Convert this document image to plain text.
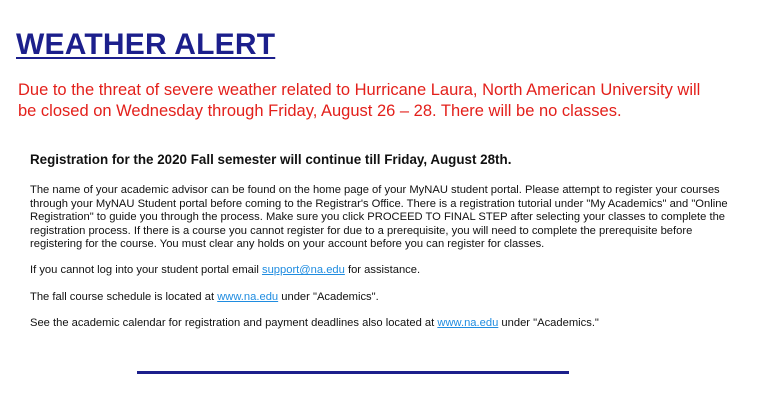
WEATHER ALERT
Due to the threat of severe weather related to Hurricane Laura, North American University will be closed on Wednesday through Friday, August 26 – 28. There will be no classes.
Registration for the 2020 Fall semester will continue till Friday, August 28th.
The name of your academic advisor can be found on the home page of your MyNAU student portal. Please attempt to register your courses through your MyNAU Student portal before coming to the Registrar's Office. There is a registration tutorial under "My Academics" and "Online Registration" to guide you through the process. Make sure you click PROCEED TO FINAL STEP after selecting your classes to complete the registration process. If there is a course you cannot register for due to a prerequisite, you will need to complete the prerequisite before registering for the course. You must clear any holds on your account before you can register for classes.
If you cannot log into your student portal email support@na.edu for assistance.
The fall course schedule is located at www.na.edu under "Academics".
See the academic calendar for registration and payment deadlines also located at www.na.edu under "Academics."
